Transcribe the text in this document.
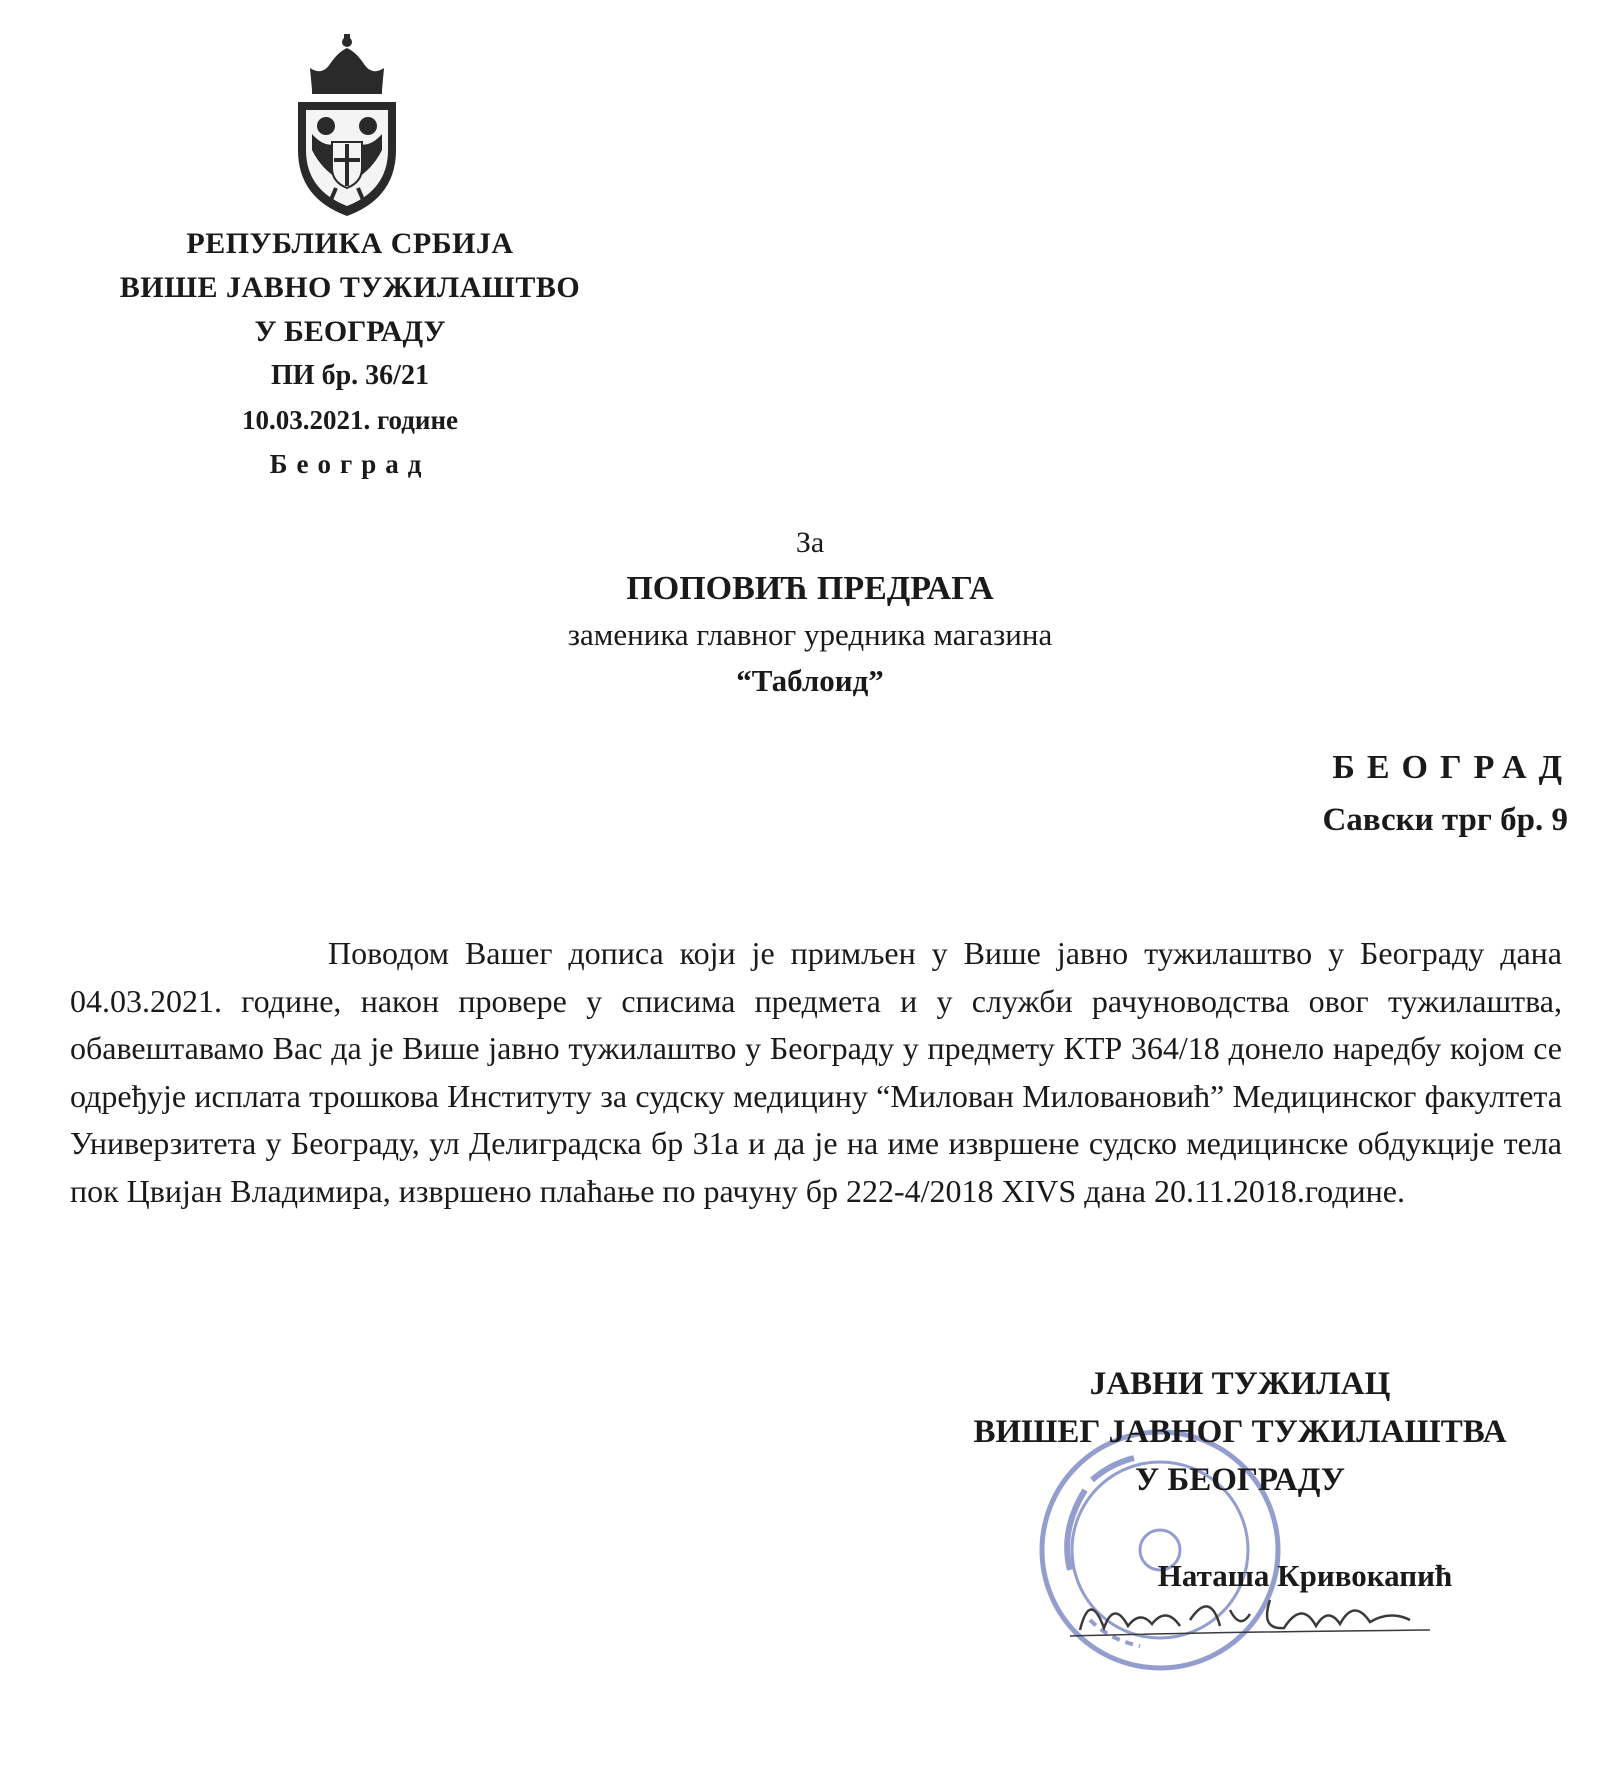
РЕПУБЛИКА СРБИЈА
ВИШЕ ЈАВНО ТУЖИЛАШТВО
У БЕОГРАДУ
ПИ бр. 36/21
10.03.2021. године
Београд
За
ПОПОВИЋ ПРЕДРАГА
заменика главног уредника магазина
“Таблоид”
БЕОГРАД
Савски трг бр. 9
Поводом Вашег дописа који је примљен у Више јавно тужилаштво у Београду дана 04.03.2021. године, након провере у списима предмета и у служби рачуноводства овог тужилаштва, обавештавамо Вас да је Више јавно тужилаштво у Београду у предмету КТР 364/18 донело наредбу којом се одређује исплата трошкова Институту за судску медицину “Милован Миловановић” Медицинског факултета Универзитета у Београду, ул Делиградска бр 31а и да је на име извршене судско медицинске обдукције тела пок Цвијан Владимира, извршено плаћање по рачуну бр 222-4/2018 XIVS дана 20.11.2018.године.
ЈАВНИ ТУЖИЛАЦ
ВИШЕГ ЈАВНОГ ТУЖИЛАШТВА
У БЕОГРАДУ
Наташа Кривокапић
